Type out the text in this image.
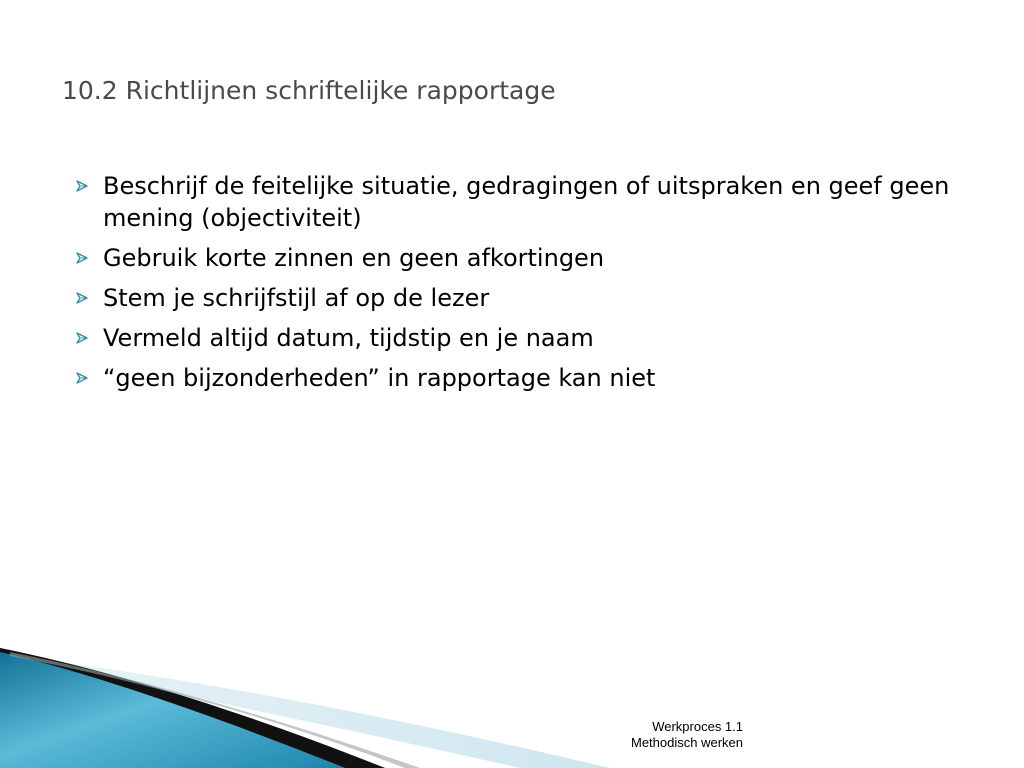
10.2 Richtlijnen schriftelijke rapportage
Beschrijf de feitelijke situatie, gedragingen of uitspraken en geef geen mening (objectiviteit)
Gebruik korte zinnen en geen afkortingen
Stem je schrijfstijl af op de lezer
Vermeld altijd datum, tijdstip en je naam
“geen bijzonderheden” in rapportage kan niet
Werkproces 1.1
Methodisch werken
